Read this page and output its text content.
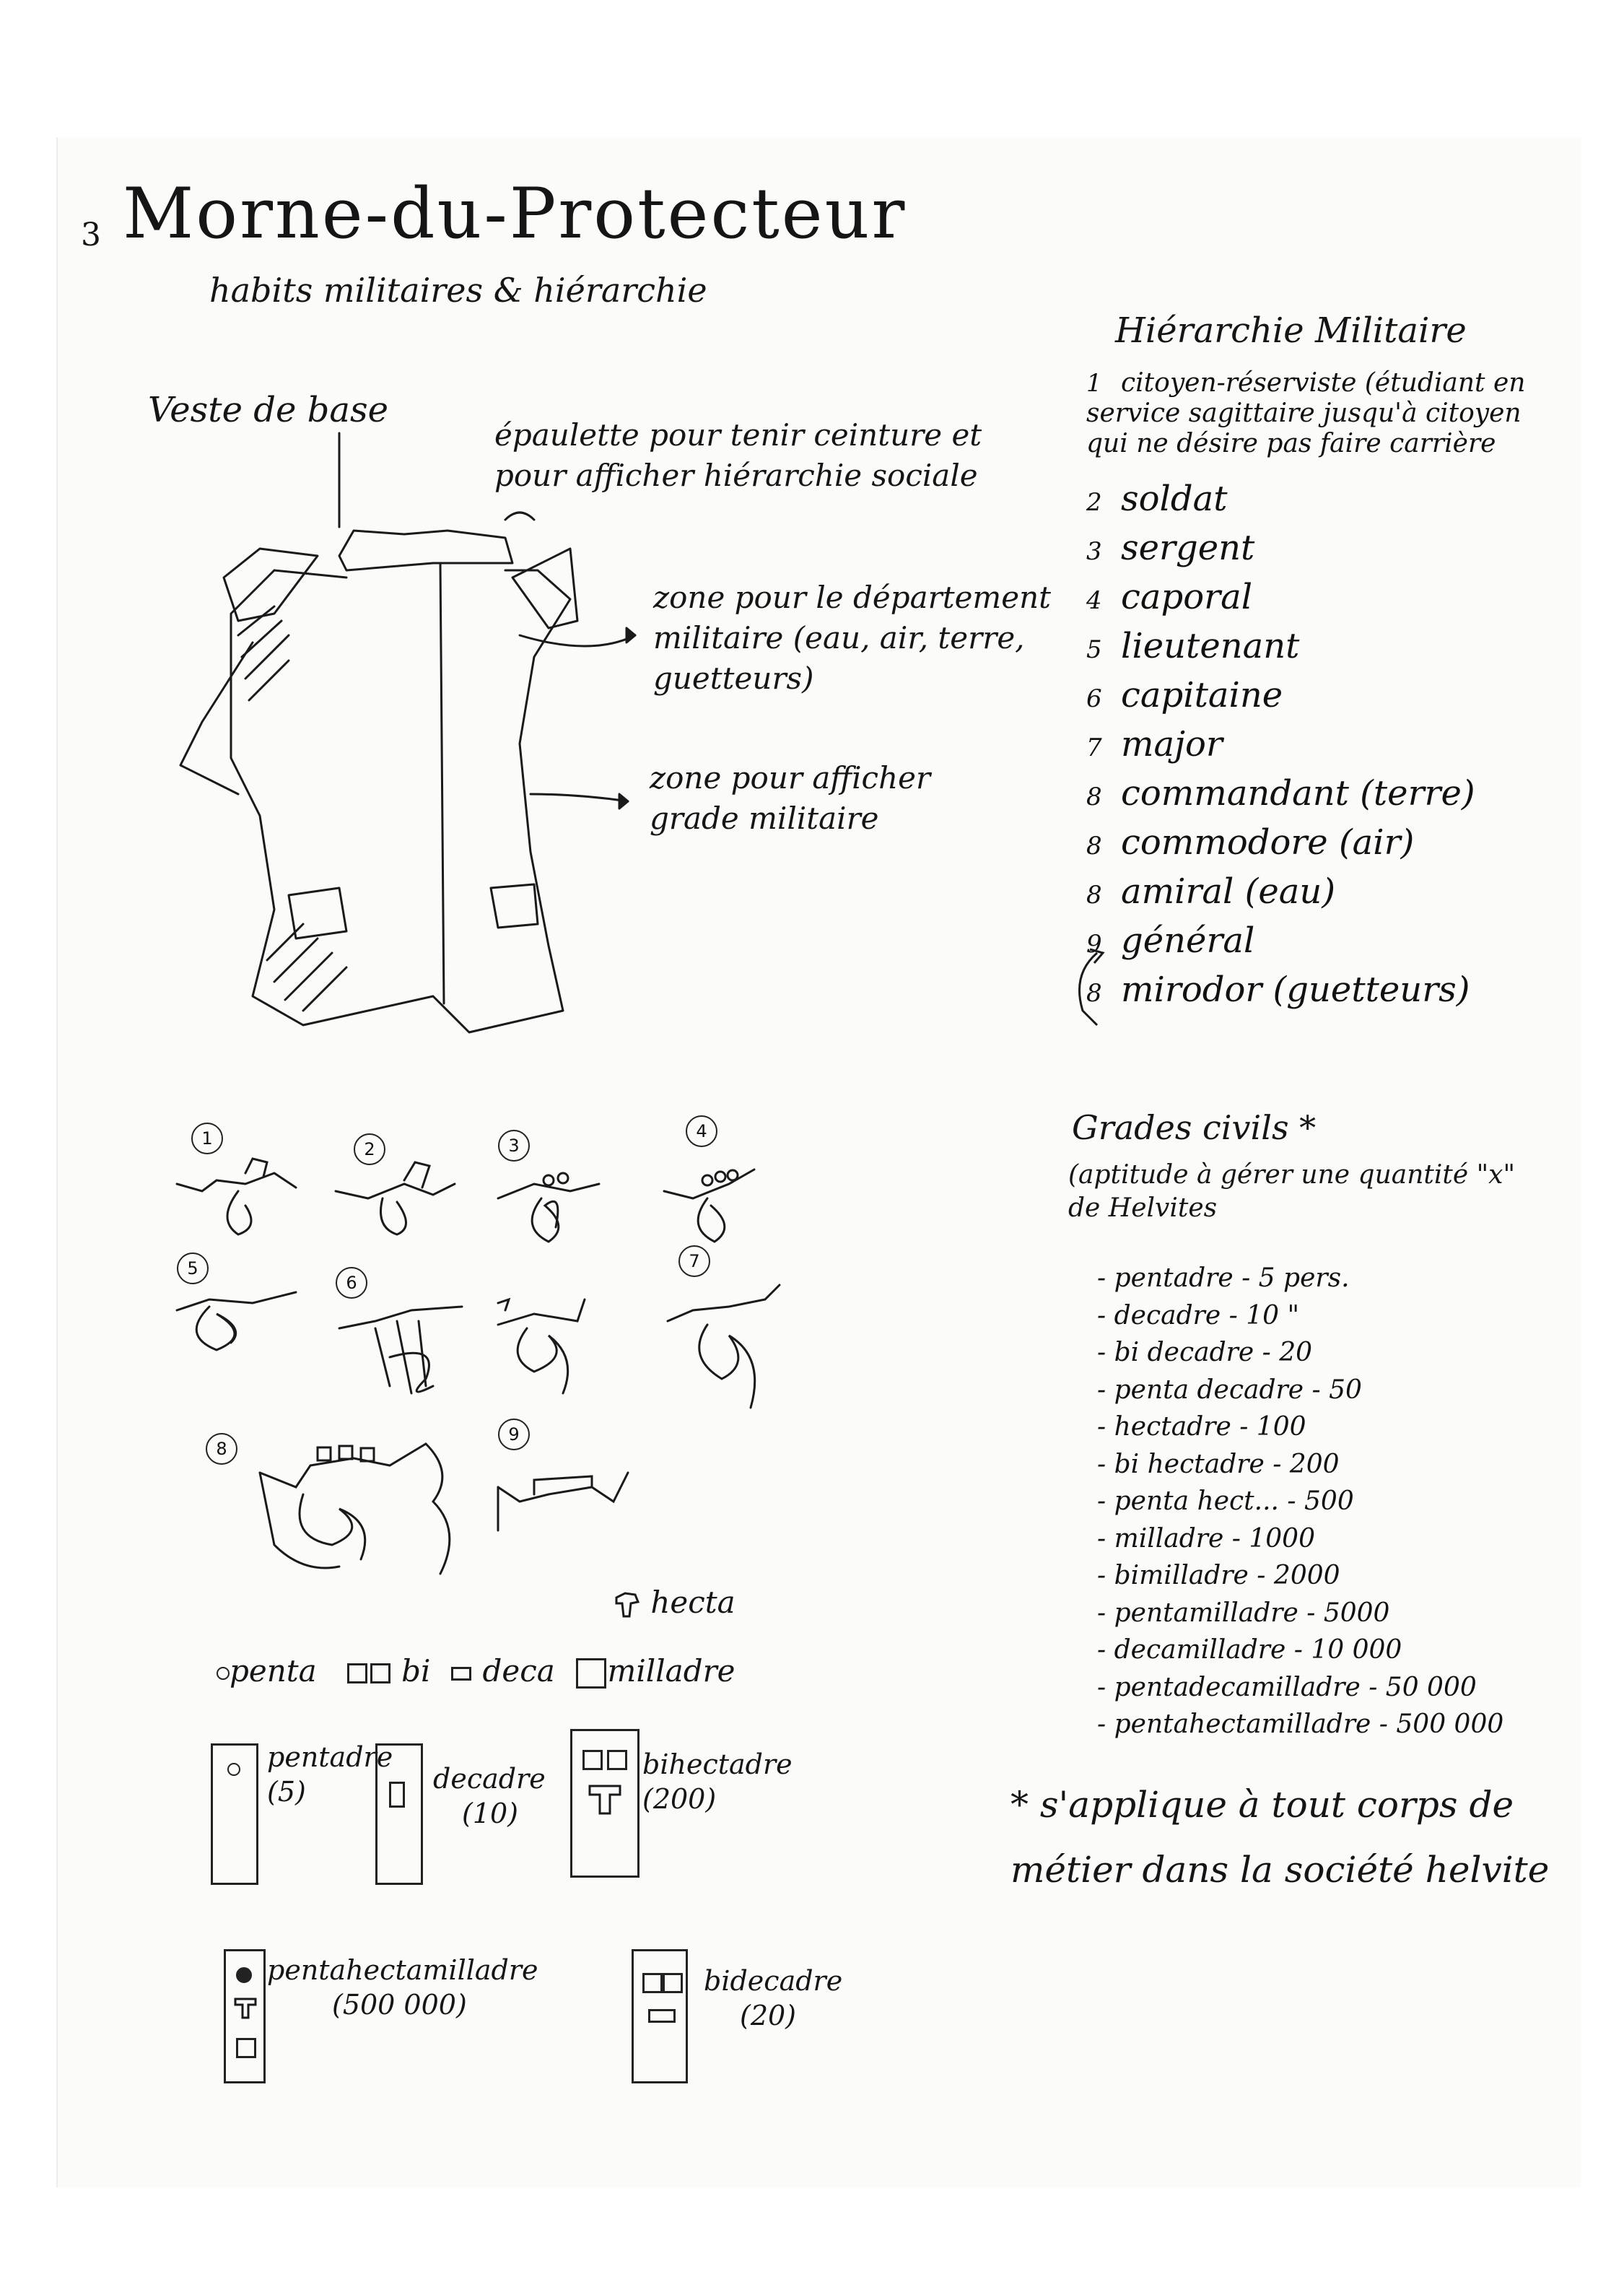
3 Morne-du-Protecteur
habits militaires & hiérarchie
Veste de base
épaulette pour tenir ceinture et pour afficher hiérarchie sociale
zone pour le département militaire (eau, air, terre, guetteurs)
zone pour afficher grade militaire
Hiérarchie Militaire
1 citoyen-réserviste (étudiant en service sagittaire jusqu'à citoyen qui ne désire pas faire carrière
2 soldat
3 sergent
4 caporal
5 lieutenant
6 capitaine
7 major
8 commandant (terre)
8 commodore (air)
8 amiral (eau)
9 général
8 mirodor (guetteurs)
1
2	3
4
5
6
7
8
9
hecta
penta	bi deca milladre
pentadre
(5)	decadre
(10)
bihectadre
(200)
pentahectamilladre
(500 000)
bidecadre
(20)
Grades civils *
(aptitude à gérer une quantité "x" de Helvites
- pentadre - 5 pers.
- decadre - 10 "
- bi decadre - 20
- penta decadre - 50
- hectadre - 100
- bi hectadre - 200
- penta hect... - 500
- milladre - 1000
- bimilladre - 2000
- pentamilladre - 5000
- decamilladre - 10 000
- pentadecamilladre - 50 000
- pentahectamilladre - 500 000
* s'applique à tout corps de métier dans la société helvite
